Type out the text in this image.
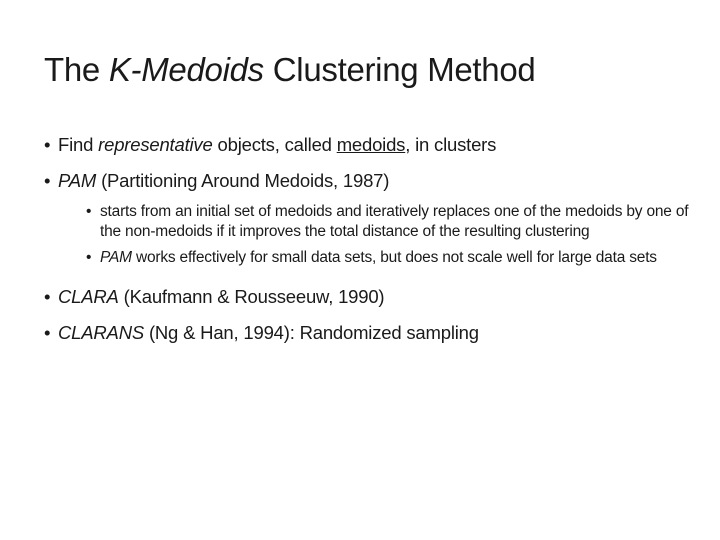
The K-Medoids Clustering Method
• Find representative objects, called medoids, in clusters
• PAM (Partitioning Around Medoids, 1987)
• starts from an initial set of medoids and iteratively replaces one of the medoids by one of the non-medoids if it improves the total distance of the resulting clustering
• PAM works effectively for small data sets, but does not scale well for large data sets
• CLARA (Kaufmann & Rousseeuw, 1990)
• CLARANS (Ng & Han, 1994): Randomized sampling
